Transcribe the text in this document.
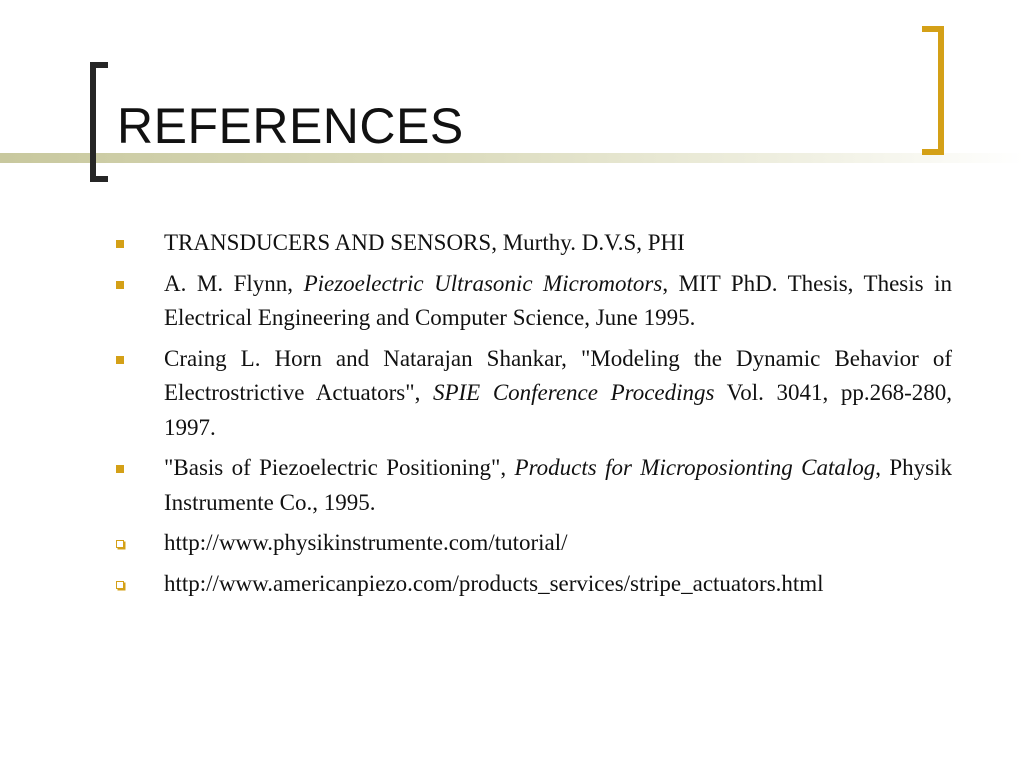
REFERENCES
TRANSDUCERS AND SENSORS, Murthy. D.V.S, PHI
A. M. Flynn, Piezoelectric Ultrasonic Micromotors, MIT PhD. Thesis, Thesis in Electrical Engineering and Computer Science, June 1995.
Craing L. Horn and Natarajan Shankar, "Modeling the Dynamic Behavior of Electrostrictive Actuators", SPIE Conference Procedings Vol. 3041, pp.268-280, 1997.
"Basis of Piezoelectric Positioning", Products for Microposionting Catalog, Physik Instrumente Co., 1995.
http://www.physikinstrumente.com/tutorial/
http://www.americanpiezo.com/products_services/stripe_actuators.html
